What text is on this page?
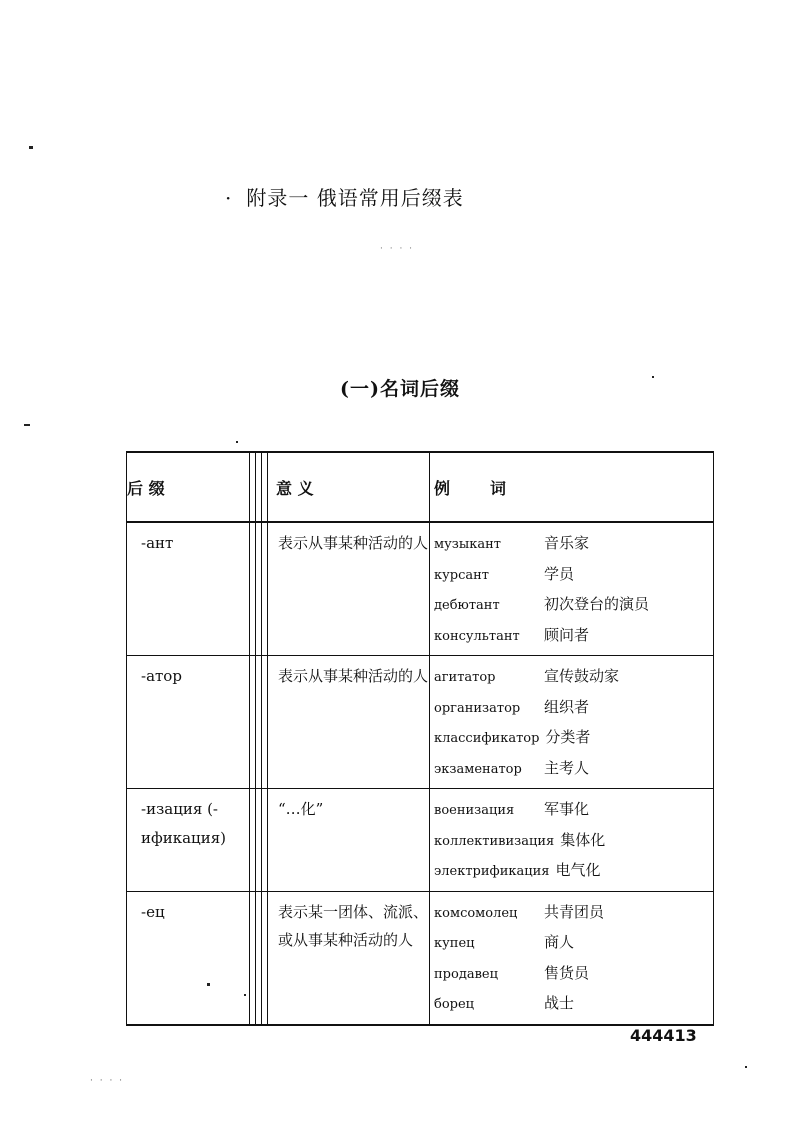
· 附录一 俄语常用后缀表
· · · ·
(一)名词后缀
后 缀		意 义	例 词
-ант		表示从事某种活动的人	музыкант 音乐家
курсант 学员
дебютант 初次登台的演员
консультант 顾问者

-атор		表示从事某种活动的人	агитатор 宣传鼓动家
организатор 组织者
классификатор 分类者
экзаменатор 主考人

-изация (-ификация)		“…化”	военизация 军事化
коллективизация 集体化
электрификация 电气化

-ец		表示某一团体、流派、或从事某种活动的人	комсомолец 共青团员
купец 商人
продавец 售货员
борец 战士
444413
· · · ·
